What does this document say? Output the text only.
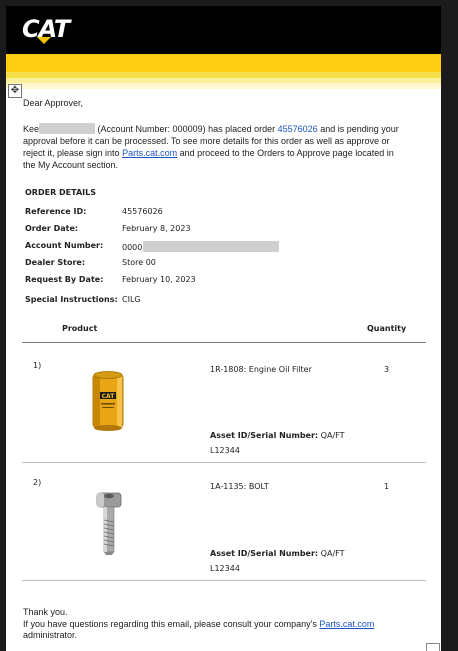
CAT
✥
Dear Approver,
Kee	(Account Number: 000009) has placed order 45576026 and is pending your
approval before it can be processed. To see more details for this order as well as approve or
reject it, please sign into Parts.cat.com and proceed to the Orders to Approve page located in
the My Account section.
ORDER DETAILS
Reference ID:	45576026
Order Date:	February 8, 2023
Account Number: 0000
Dealer Store:	Store 00
Request By Date: February 10, 2023
Special Instructions: CILG
Product	Quantity
1)
CAT
1R-1808: Engine Oil Filter	3
Asset ID/Serial Number: QA/FT
L12344
2)	1A-1135: BOLT	1
Asset ID/Serial Number: QA/FT
L12344
Thank you.
If you have questions regarding this email, please consult your company's Parts.cat.com
administrator.
